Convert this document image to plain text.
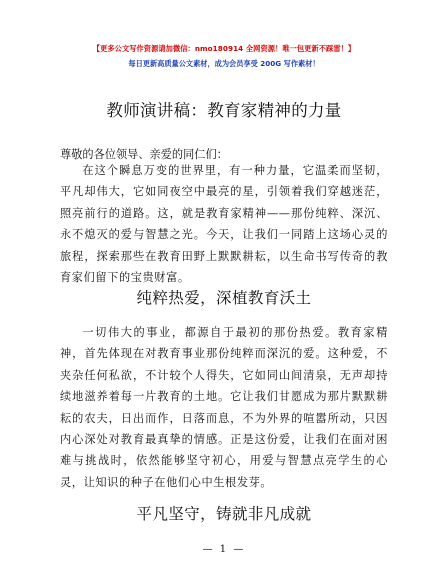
【更多公文写作资源请加微信：nmo180914 全网资源！唯一包更新不踩雷！】
每日更新高质量公文素材，成为会员享受 200G 写作素材！
教师演讲稿：教育家精神的力量
尊敬的各位领导、亲爱的同仁们：
在这个瞬息万变的世界里，有一种力量，它温柔而坚韧，平凡却伟大，它如同夜空中最亮的星，引领着我们穿越迷茫，照亮前行的道路。这，就是教育家精神——那份纯粹、深沉、永不熄灭的爱与智慧之光。今天，让我们一同踏上这场心灵的旅程，探索那些在教育田野上默默耕耘，以生命书写传奇的教育家们留下的宝贵财富。
纯粹热爱，深植教育沃土
一切伟大的事业，都源自于最初的那份热爱。教育家精神，首先体现在对教育事业那份纯粹而深沉的爱。这种爱，不夹杂任何私欲，不计较个人得失，它如同山间清泉，无声却持续地滋养着每一片教育的土地。它让我们甘愿成为那片默默耕耘的农夫，日出而作，日落而息，不为外界的喧嚣所动，只因内心深处对教育最真挚的情感。正是这份爱，让我们在面对困难与挑战时，依然能够坚守初心，用爱与智慧点亮学生的心灵，让知识的种子在他们心中生根发芽。
平凡坚守，铸就非凡成就
— 1 —
